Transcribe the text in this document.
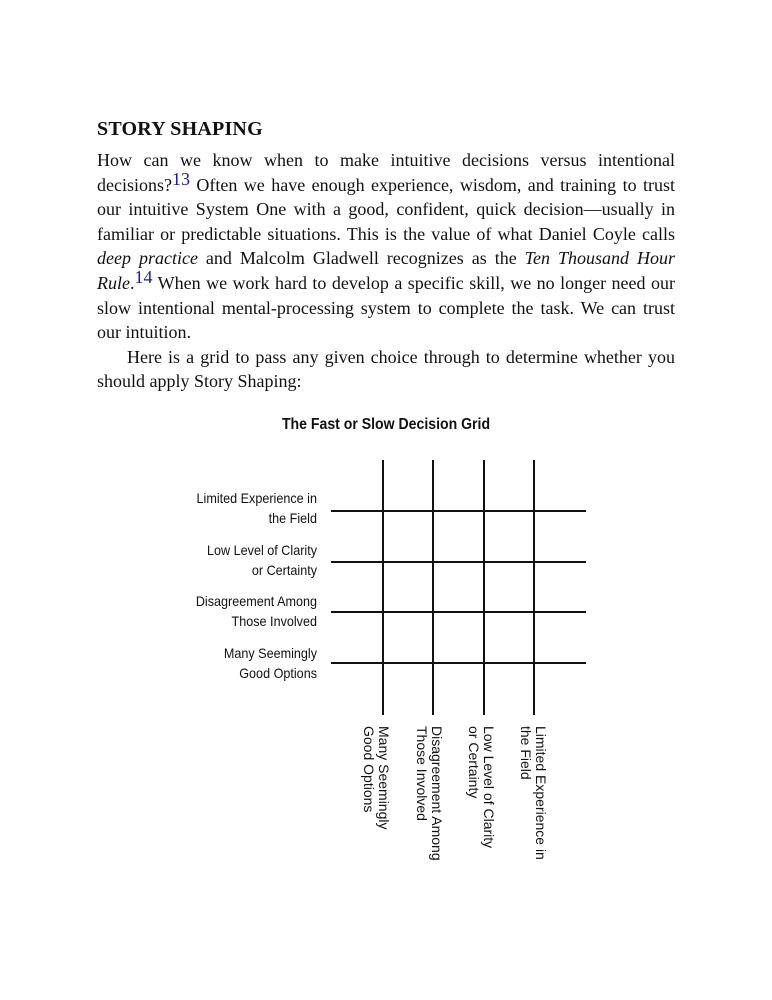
STORY SHAPING

How can we know when to make intuitive decisions versus intentional decisions?$^{13}$ Often we have enough experience, wisdom, and training to trust our intuitive System One with a good, confident, quick decision—usually in familiar or predictable situations. This is the value of what Daniel Coyle calls deep practice and Malcolm Gladwell recognizes as the Ten Thousand Hour Rule.$^{14}$ When we work hard to develop a specific skill, we no longer need our slow intentional mental-processing system to complete the task. We can trust our intuition.

Here is a grid to pass any given choice through to determine whether you should apply Story Shaping:

The Fast or Slow Decision Grid
Limited Experience in
the Field
Low Level of Clarity
or Certainty
Disagreement Among
Those Involved
Many Seemingly
Good Options
Many Seemingly
Good Options	Disagreement Among
Those Involved	Low Level of Clarity
or Certainty	Limited Experience in
the Field
